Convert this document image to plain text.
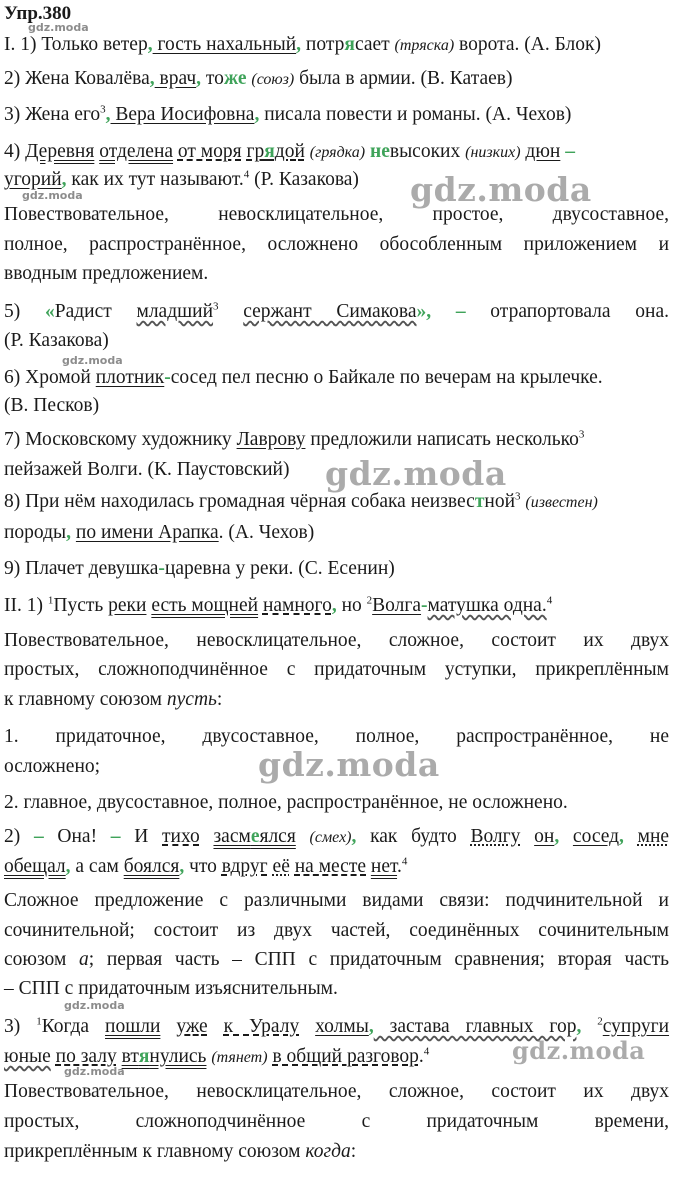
Упр.380
I. 1) Только ветер, гость нахальный, потрясает (тряска) ворота. (А. Блок)
2) Жена Ковалёва, врач, тоже (союз) была в армии. (В. Катаев)
3) Жена его$^3$, Вера Иосифовна, писала повести и романы. (А. Чехов)
4) Деревня отделена от моря грядой (грядка) невысоких (низких) дюн –
угорий, как их тут называют.$^4$ (Р. Казакова)
Повествовательное, невосклицательное, простое, двусоставное,
полное, распространённое, осложнено обособленным приложением и
вводным предложением.
5) «Радист младший$^3$ сержант Симакова», – отрапортовала она.
(Р. Казакова)
6) Хромой плотник-сосед пел песню о Байкале по вечерам на крылечке.
(В. Песков)
7) Московскому художнику Лаврову предложили написать несколько$^3$
пейзажей Волги. (К. Паустовский)
8) При нём находилась громадная чёрная собака неизвестной$^3$ (известен)
породы, по имени Арапка. (А. Чехов)
9) Плачет девушка-царевна у реки. (С. Есенин)
II. 1) $^1$Пусть реки есть мощней намного, но $^2$Волга-матушка одна.$^4$
Повествовательное, невосклицательное, сложное, состоит их двух
простых, сложноподчинённое с придаточным уступки, прикреплённым
к главному союзом пусть:
1. придаточное, двусоставное, полное, распространённое, не
осложнено;
2. главное, двусоставное, полное, распространённое, не осложнено.
2) – Она! – И тихо засмеялся (смех), как будто Волгу он, сосед, мне
обещал, а сам боялся, что вдруг её на месте нет.$^4$
Сложное предложение с различными видами связи: подчинительной и
сочинительной; состоит из двух частей, соединённых сочинительным
союзом а; первая часть – СПП с придаточным сравнения; вторая часть
– СПП с придаточным изъяснительным.
3) $^1$Когда пошли уже к Уралу холмы, застава главных гор, $^2$супруги
юные по залу втянулись (тянет) в общий разговор.$^4$
Повествовательное, невосклицательное, сложное, состоит их двух
простых, сложноподчинённое с придаточным времени,
прикреплённым к главному союзом когда:
gdz.moda
gdz.moda
gdz.moda
gdz.moda
gdz.moda
gdz.moda
gdz.moda
gdz.moda
gdz.moda
